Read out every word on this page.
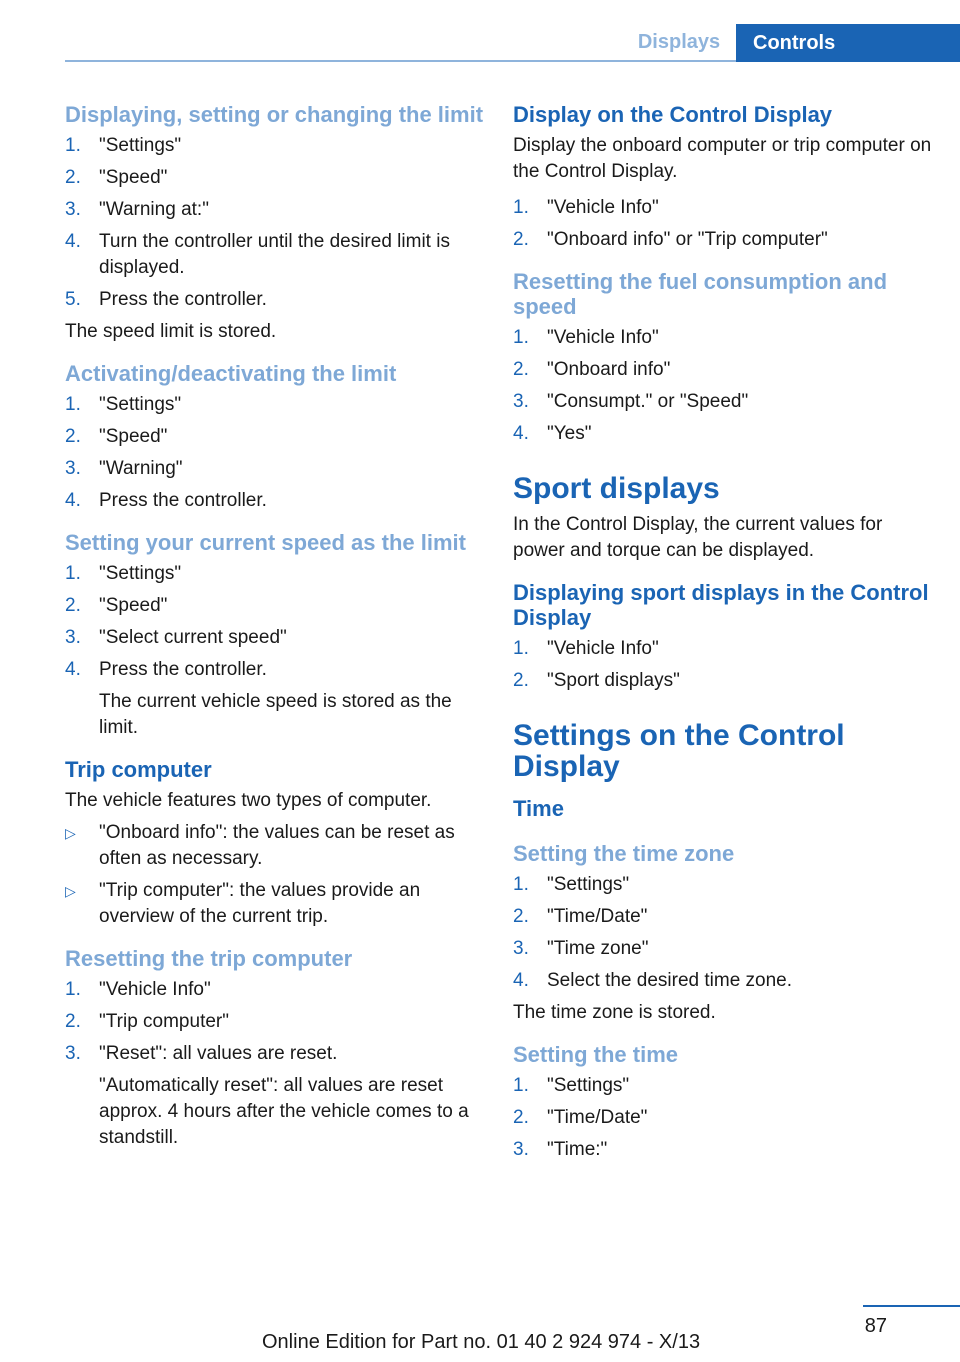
Displays	Controls
Displaying, setting or changing the limit
1. "Settings"
2. "Speed"
3. "Warning at:"
4. Turn the controller until the desired limit is displayed.
5. Press the controller.

The speed limit is stored.

Activating/deactivating the limit
1. "Settings"
2. "Speed"
3. "Warning"
4. Press the controller.
Setting your current speed as the limit
1. "Settings"
2. "Speed"
3. "Select current speed"
4. Press the controller.
The current vehicle speed is stored as the limit.
Trip computer

The vehicle features two types of computer.

▷ "Onboard info": the values can be reset as often as necessary.
▷ "Trip computer": the values provide an overview of the current trip.
Resetting the trip computer
1. "Vehicle Info"
2. "Trip computer"
3. "Reset": all values are reset.
"Automatically reset": all values are reset approx. 4 hours after the vehicle comes to a standstill.
Display on the Control Display

Display the onboard computer or trip computer on the Control Display.

1. "Vehicle Info"
2. "Onboard info" or "Trip computer"
Resetting the fuel consumption and speed
1. "Vehicle Info"
2. "Onboard info"
3. "Consumpt." or "Speed"
4. "Yes"
Sport displays

In the Control Display, the current values for power and torque can be displayed.

Displaying sport displays in the Control Display
1. "Vehicle Info"
2. "Sport displays"
Settings on the Control Display
Time
Setting the time zone
1. "Settings"
2. "Time/Date"
3. "Time zone"
4. Select the desired time zone.

The time zone is stored.

Setting the time
1. "Settings"
2. "Time/Date"
3. "Time:"
87
Online Edition for Part no. 01 40 2 924 974 - X/13
